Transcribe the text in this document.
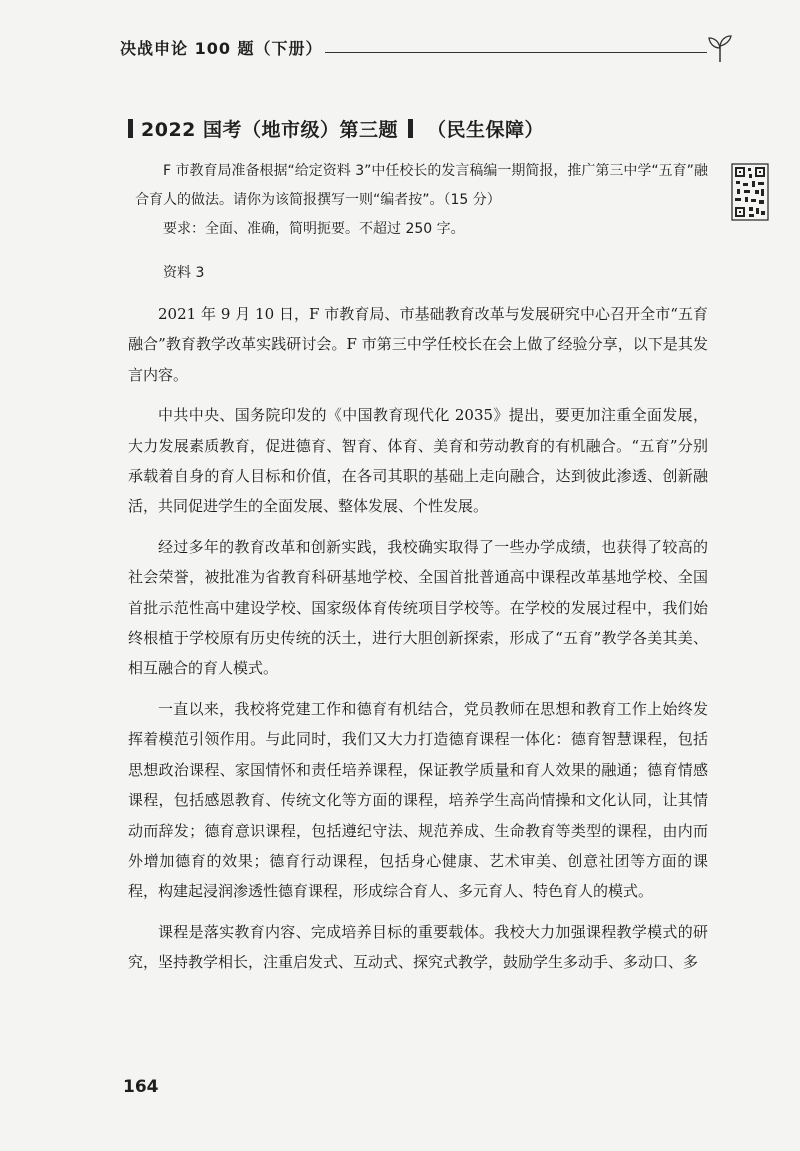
决战申论 100 题（下册）
2022 国考（地市级）第三题 （民生保障）

F 市教育局准备根据“给定资料 3”中任校长的发言稿编一期简报，推广第三中学“五育”融合育人的做法。请你为该简报撰写一则“编者按”。（15 分）

要求：全面、准确，简明扼要。不超过 250 字。

资料 3

2021 年 9 月 10 日，F 市教育局、市基础教育改革与发展研究中心召开全市“五育融合”教育教学改革实践研讨会。F 市第三中学任校长在会上做了经验分享，以下是其发言内容。

中共中央、国务院印发的《中国教育现代化 2035》提出，要更加注重全面发展，大力发展素质教育，促进德育、智育、体育、美育和劳动教育的有机融合。“五育”分别承载着自身的育人目标和价值，在各司其职的基础上走向融合，达到彼此渗透、创新融活，共同促进学生的全面发展、整体发展、个性发展。

经过多年的教育改革和创新实践，我校确实取得了一些办学成绩，也获得了较高的社会荣誉，被批准为省教育科研基地学校、全国首批普通高中课程改革基地学校、全国首批示范性高中建设学校、国家级体育传统项目学校等。在学校的发展过程中，我们始终根植于学校原有历史传统的沃土，进行大胆创新探索，形成了“五育”教学各美其美、相互融合的育人模式。

一直以来，我校将党建工作和德育有机结合，党员教师在思想和教育工作上始终发挥着模范引领作用。与此同时，我们又大力打造德育课程一体化：德育智慧课程，包括思想政治课程、家国情怀和责任培养课程，保证教学质量和育人效果的融通；德育情感课程，包括感恩教育、传统文化等方面的课程，培养学生高尚情操和文化认同，让其情动而辞发；德育意识课程，包括遵纪守法、规范养成、生命教育等类型的课程，由内而外增加德育的效果；德育行动课程，包括身心健康、艺术审美、创意社团等方面的课程，构建起浸润渗透性德育课程，形成综合育人、多元育人、特色育人的模式。

课程是落实教育内容、完成培养目标的重要载体。我校大力加强课程教学模式的研究，坚持教学相长，注重启发式、互动式、探究式教学，鼓励学生多动手、多动口、多

164
